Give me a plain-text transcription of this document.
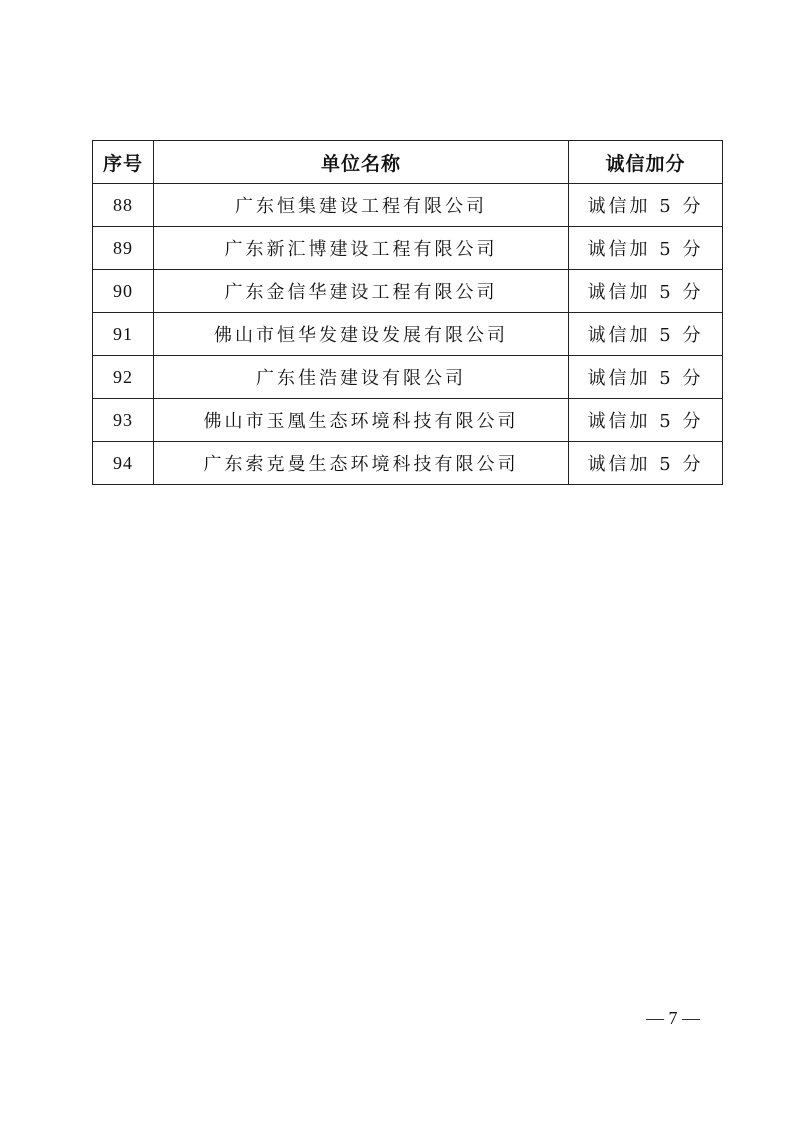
序号	单位名称	诚信加分
88	广东恒集建设工程有限公司	诚信加 5 分
89	广东新汇博建设工程有限公司	诚信加 5 分
90	广东金信华建设工程有限公司	诚信加 5 分
91	佛山市恒华发建设发展有限公司	诚信加 5 分
92	广东佳浩建设有限公司	诚信加 5 分
93	佛山市玉凰生态环境科技有限公司	诚信加 5 分
94	广东索克曼生态环境科技有限公司	诚信加 5 分
— 7 —
